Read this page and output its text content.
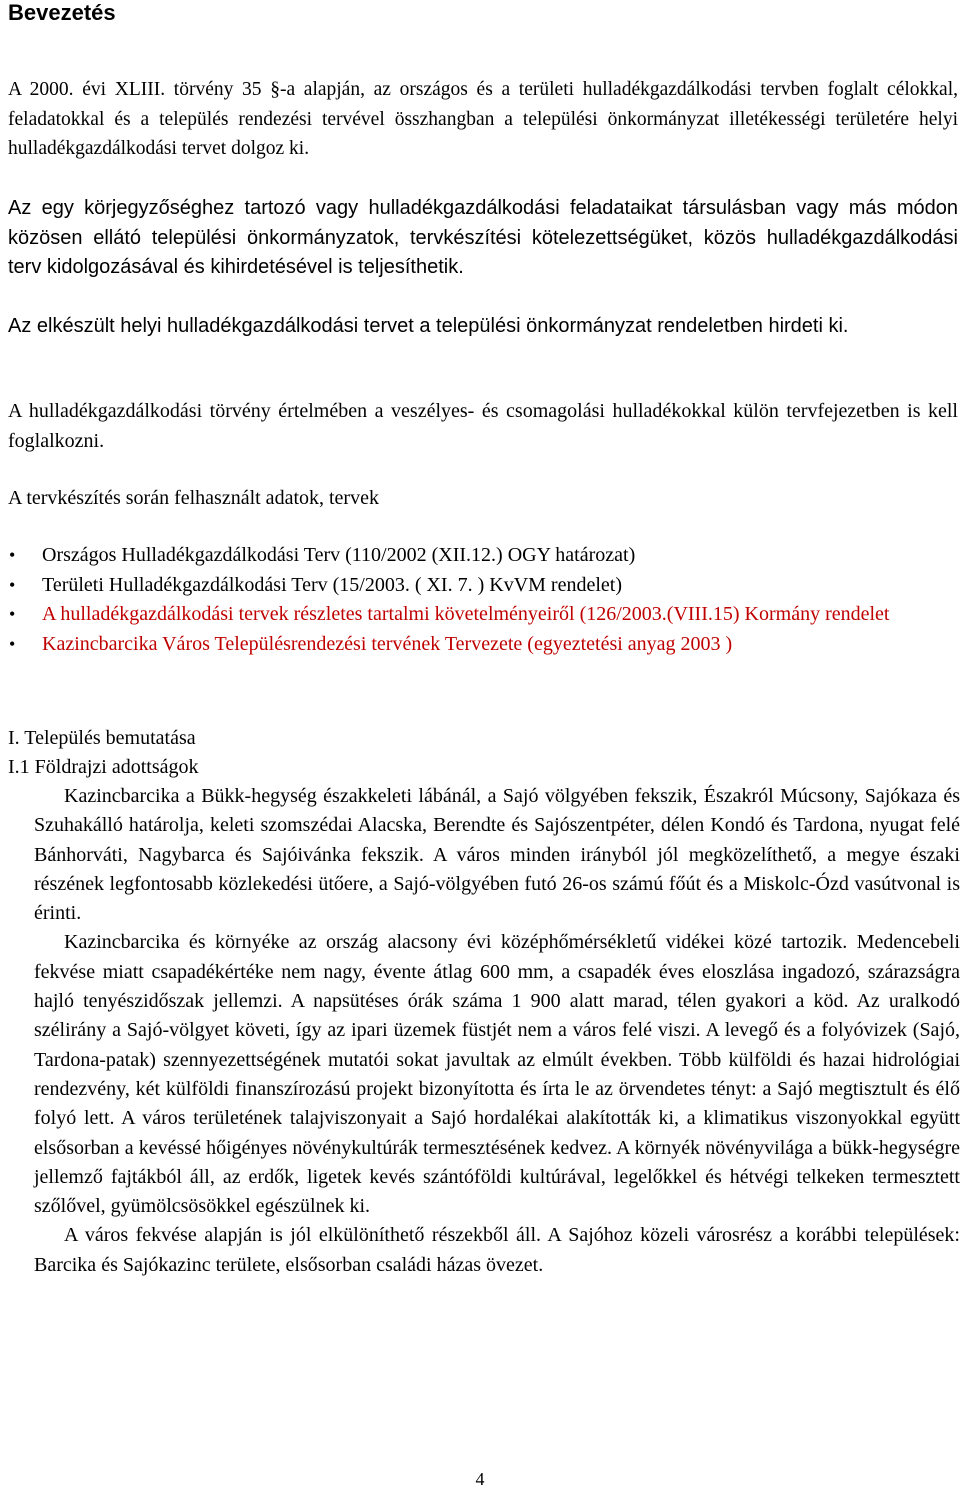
Bevezetés

A 2000. évi XLIII. törvény 35 §-a alapján, az országos és a területi hulladékgazdálkodási tervben foglalt célokkal, feladatokkal és a település rendezési tervével összhangban a települési önkormányzat illetékességi területére helyi hulladékgazdálkodási tervet dolgoz ki.

Az egy körjegyzőséghez tartozó vagy hulladékgazdálkodási feladataikat társulásban vagy más módon közösen ellátó települési önkormányzatok, tervkészítési kötelezettségüket, közös hulladékgazdálkodási terv kidolgozásával és kihirdetésével is teljesíthetik.

Az elkészült helyi hulladékgazdálkodási tervet a települési önkormányzat rendeletben hirdeti ki.

A hulladékgazdálkodási törvény értelmében a veszélyes- és csomagolási hulladékokkal külön tervfejezetben is kell foglalkozni.

A tervkészítés során felhasznált adatok, tervek

• Országos Hulladékgazdálkodási Terv (110/2002 (XII.12.) OGY határozat)
• Területi Hulladékgazdálkodási Terv (15/2003. ( XI. 7. ) KvVM rendelet)
• A hulladékgazdálkodási tervek részletes tartalmi követelményeiről (126/2003.(VIII.15) Kormány rendelet
• Kazincbarcika Város Településrendezési tervének Tervezete (egyeztetési anyag 2003 )

I. Település bemutatása

I.1 Földrajzi adottságok

Kazincbarcika a Bükk-hegység északkeleti lábánál, a Sajó völgyében fekszik, Északról Múcsony, Sajókaza és Szuhakálló határolja, keleti szomszédai Alacska, Berendte és Sajószentpéter, délen Kondó és Tardona, nyugat felé Bánhorváti, Nagybarca és Sajóivánka fekszik. A város minden irányból jól megközelíthető, a megye északi részének legfontosabb közlekedési ütőere, a Sajó-völgyében futó 26-os számú főút és a Miskolc-Ózd vasútvonal is érinti.

Kazincbarcika és környéke az ország alacsony évi középhőmérsékletű vidékei közé tartozik. Medencebeli fekvése miatt csapadékértéke nem nagy, évente átlag 600 mm, a csapadék éves eloszlása ingadozó, szárazságra hajló tenyészidőszak jellemzi. A napsütéses órák száma 1 900 alatt marad, télen gyakori a köd. Az uralkodó szélirány a Sajó-völgyet követi, így az ipari üzemek füstjét nem a város felé viszi. A levegő és a folyóvizek (Sajó, Tardona-patak) szennyezettségének mutatói sokat javultak az elmúlt években. Több külföldi és hazai hidrológiai rendezvény, két külföldi finanszírozású projekt bizonyította és írta le az örvendetes tényt: a Sajó megtisztult és élő folyó lett. A város területének talajviszonyait a Sajó hordalékai alakították ki, a klimatikus viszonyokkal együtt elsősorban a kevéssé hőigényes növénykultúrák termesztésének kedvez. A környék növényvilága a bükk-hegységre jellemző fajtákból áll, az erdők, ligetek kevés szántóföldi kultúrával, legelőkkel és hétvégi telkeken termesztett szőlővel, gyümölcsösökkel egészülnek ki.

A város fekvése alapján is jól elkülöníthető részekből áll. A Sajóhoz közeli városrész a korábbi települések: Barcika és Sajókazinc területe, elsősorban családi házas övezet.

4
